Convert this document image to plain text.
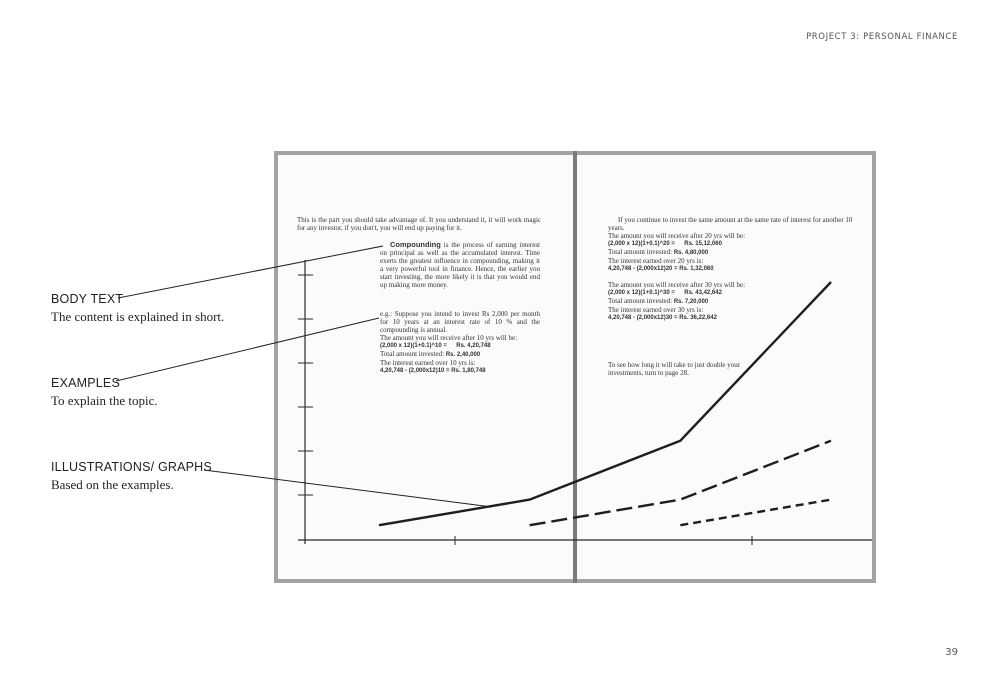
PROJECT 3: PERSONAL FINANCE
This is the part you should take advantage of. It you understand it, it will work magic for any investor, if you don't, you will end up paying for it.
Compounding is the process of earning interest on principal as well as the accumulated interest. Time exerts the greatest influence in compounding, making it a very powerful tool in finance. Hence, the earlier you start investing, the more likely it is that you would end up making more money.
e.g.: Suppose you intend to invest Rs 2,000 per month for 10 years at an interest rate of 10 % and the compounding is annual.
The amount you will receive after 10 yrs will be:
(2,000 x 12)(1+0.1)^10 = Rs. 4,20,748
Total amount invested: Rs. 2,40,000
The interest earned over 10 yrs is:
4,20,748 - (2,000x12)10 = Rs. 1,80,748
If you continue to invest the same amount at the same rate of interest for another 10 years.
The amount you will receive after 20 yrs will be:
(2,000 x 12)(1+0.1)^20 = Rs. 15,12,060
Total amount invested: Rs. 4,80,000
The interest earned over 20 yrs is:
4,20,748 - (2,000x12)20 = Rs. 1,32,060
The amount you will receive after 30 yrs will be:
(2,000 x 12)(1+0.1)^30 = Rs. 43,42,642
Total amount invested: Rs. 7,20,000
The interest earned over 30 yrs is:
4,20,748 - (2,000x12)30 = Rs. 36,22,642
To see how long it will take to just double your investments, turn to page 28.
BODY TEXT
The content is explained in short.
EXAMPLES
To explain the topic.
ILLUSTRATIONS/ GRAPHS
Based on the examples.
39
